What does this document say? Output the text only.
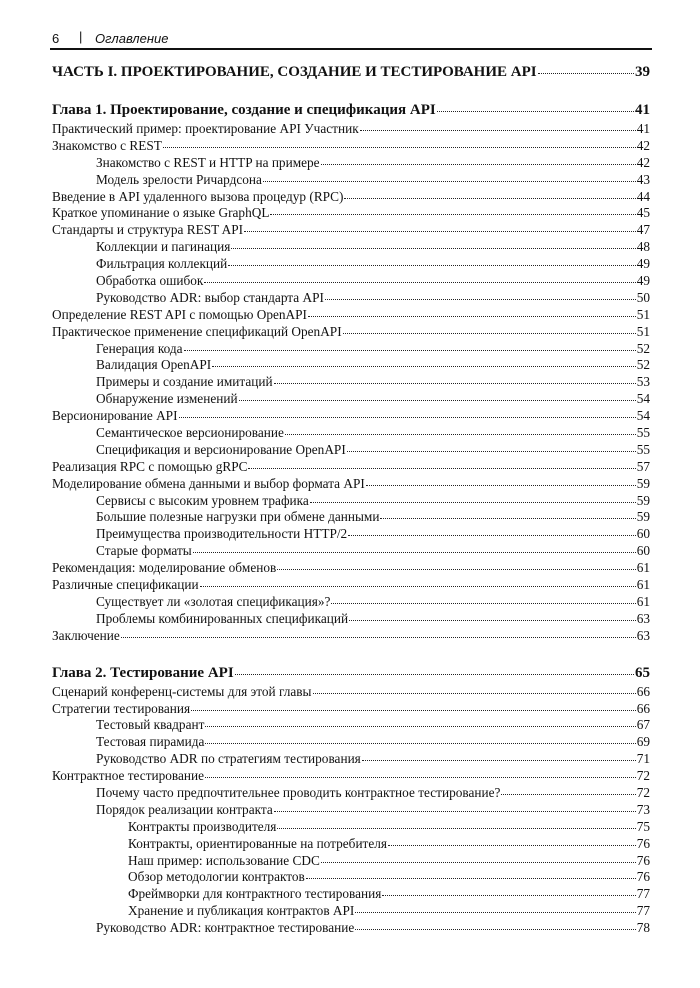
6 | Оглавление
ЧАСТЬ I. ПРОЕКТИРОВАНИЕ, СОЗДАНИЕ И ТЕСТИРОВАНИЕ API	39
Глава 1. Проектирование, создание и спецификация API	41
Практический пример: проектирование API Участник	41
Знакомство с REST	42
Знакомство с REST и HTTP на примере	42
Модель зрелости Ричардсона	43
Введение в API удаленного вызова процедур (RPC)	44
Краткое упоминание о языке GraphQL	45
Стандарты и структура REST API	47
Коллекции и пагинация	48
Фильтрация коллекций	49
Обработка ошибок	49
Руководство ADR: выбор стандарта API	50
Определение REST API с помощью OpenAPI	51
Практическое применение спецификаций OpenAPI	51
Генерация кода	52
Валидация OpenAPI	52
Примеры и создание имитаций	53
Обнаружение изменений	54
Версионирование API	54
Семантическое версионирование	55
Спецификация и версионирование OpenAPI	55
Реализация RPC с помощью gRPC	57
Моделирование обмена данными и выбор формата API	59
Сервисы с высоким уровнем трафика	59
Большие полезные нагрузки при обмене данными	59
Преимущества производительности HTTP/2	60
Старые форматы	60
Рекомендация: моделирование обменов	61
Различные спецификации	61
Существует ли «золотая спецификация»?	61
Проблемы комбинированных спецификаций	63
Заключение	63
Глава 2. Тестирование API	65
Сценарий конференц-системы для этой главы	66
Стратегии тестирования	66
Тестовый квадрант	67
Тестовая пирамида	69
Руководство ADR по стратегиям тестирования	71
Контрактное тестирование	72
Почему часто предпочтительнее проводить контрактное тестирование?	72
Порядок реализации контракта	73
Контракты производителя	75
Контракты, ориентированные на потребителя	76
Наш пример: использование CDC	76
Обзор методологии контрактов	76
Фреймворки для контрактного тестирования	77
Хранение и публикация контрактов API	77
Руководство ADR: контрактное тестирование	78
